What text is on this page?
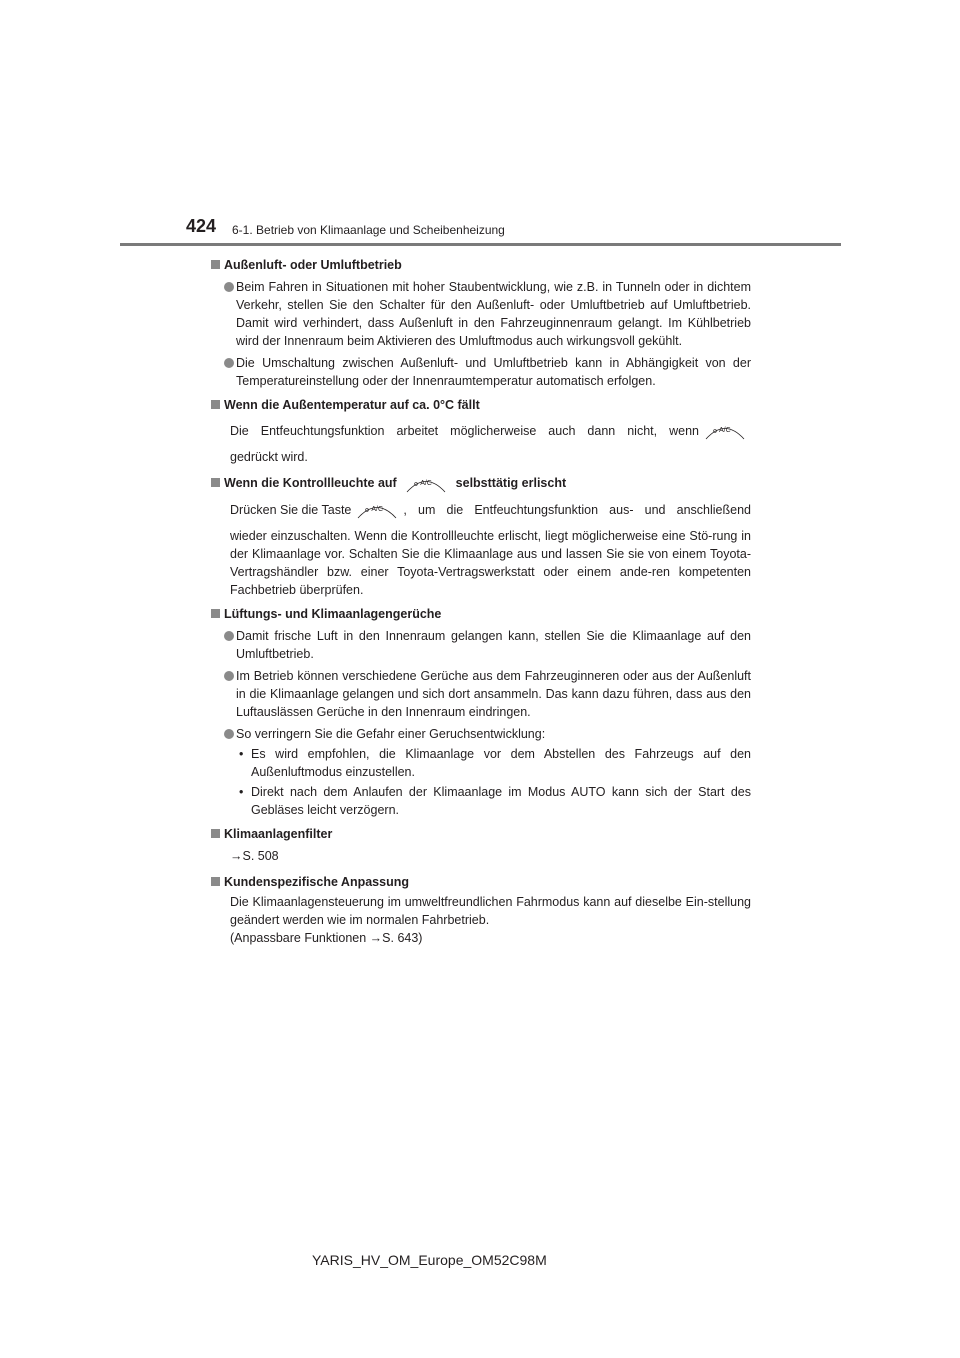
424 6-1. Betrieb von Klimaanlage und Scheibenheizung
Außenluft- oder Umluftbetrieb
Beim Fahren in Situationen mit hoher Staubentwicklung, wie z.B. in Tunneln oder in dichtem Verkehr, stellen Sie den Schalter für den Außenluft- oder Umluftbetrieb auf Umluftbetrieb. Damit wird verhindert, dass Außenluft in den Fahrzeuginnenraum gelangt. Im Kühlbetrieb wird der Innenraum beim Aktivieren des Umluftmodus auch wirkungsvoll gekühlt.
Die Umschaltung zwischen Außenluft- und Umluftbetrieb kann in Abhängigkeit von der Temperatureinstellung oder der Innenraumtemperatur automatisch erfolgen.
Wenn die Außentemperatur auf ca. 0°C fällt
Die Entfeuchtungsfunktion arbeitet möglicherweise auch dann nicht, wenn	A/C
gedrückt wird.
Wenn die Kontrollleuchte auf	A/C selbsttätig erlischt
Drücken Sie die Taste	A/C , um die Entfeuchtungsfunktion aus- und anschließend
wieder einzuschalten. Wenn die Kontrollleuchte erlischt, liegt möglicherweise eine Stö-rung in der Klimaanlage vor. Schalten Sie die Klimaanlage aus und lassen Sie sie von einem Toyota-Vertragshändler bzw. einer Toyota-Vertragswerkstatt oder einem ande-ren kompetenten Fachbetrieb überprüfen.
Lüftungs- und Klimaanlagengerüche
Damit frische Luft in den Innenraum gelangen kann, stellen Sie die Klimaanlage auf den Umluftbetrieb.
Im Betrieb können verschiedene Gerüche aus dem Fahrzeuginneren oder aus der Außenluft in die Klimaanlage gelangen und sich dort ansammeln. Das kann dazu führen, dass aus den Luftauslässen Gerüche in den Innenraum eindringen.
So verringern Sie die Gefahr einer Geruchsentwicklung:
• Es wird empfohlen, die Klimaanlage vor dem Abstellen des Fahrzeugs auf den Außenluftmodus einzustellen.
• Direkt nach dem Anlaufen der Klimaanlage im Modus AUTO kann sich der Start des Gebläses leicht verzögern.
Klimaanlagenfilter
→S. 508
Kundenspezifische Anpassung
Die Klimaanlagensteuerung im umweltfreundlichen Fahrmodus kann auf dieselbe Ein-stellung geändert werden wie im normalen Fahrbetrieb.
(Anpassbare Funktionen →S. 643)
YARIS_HV_OM_Europe_OM52C98M
